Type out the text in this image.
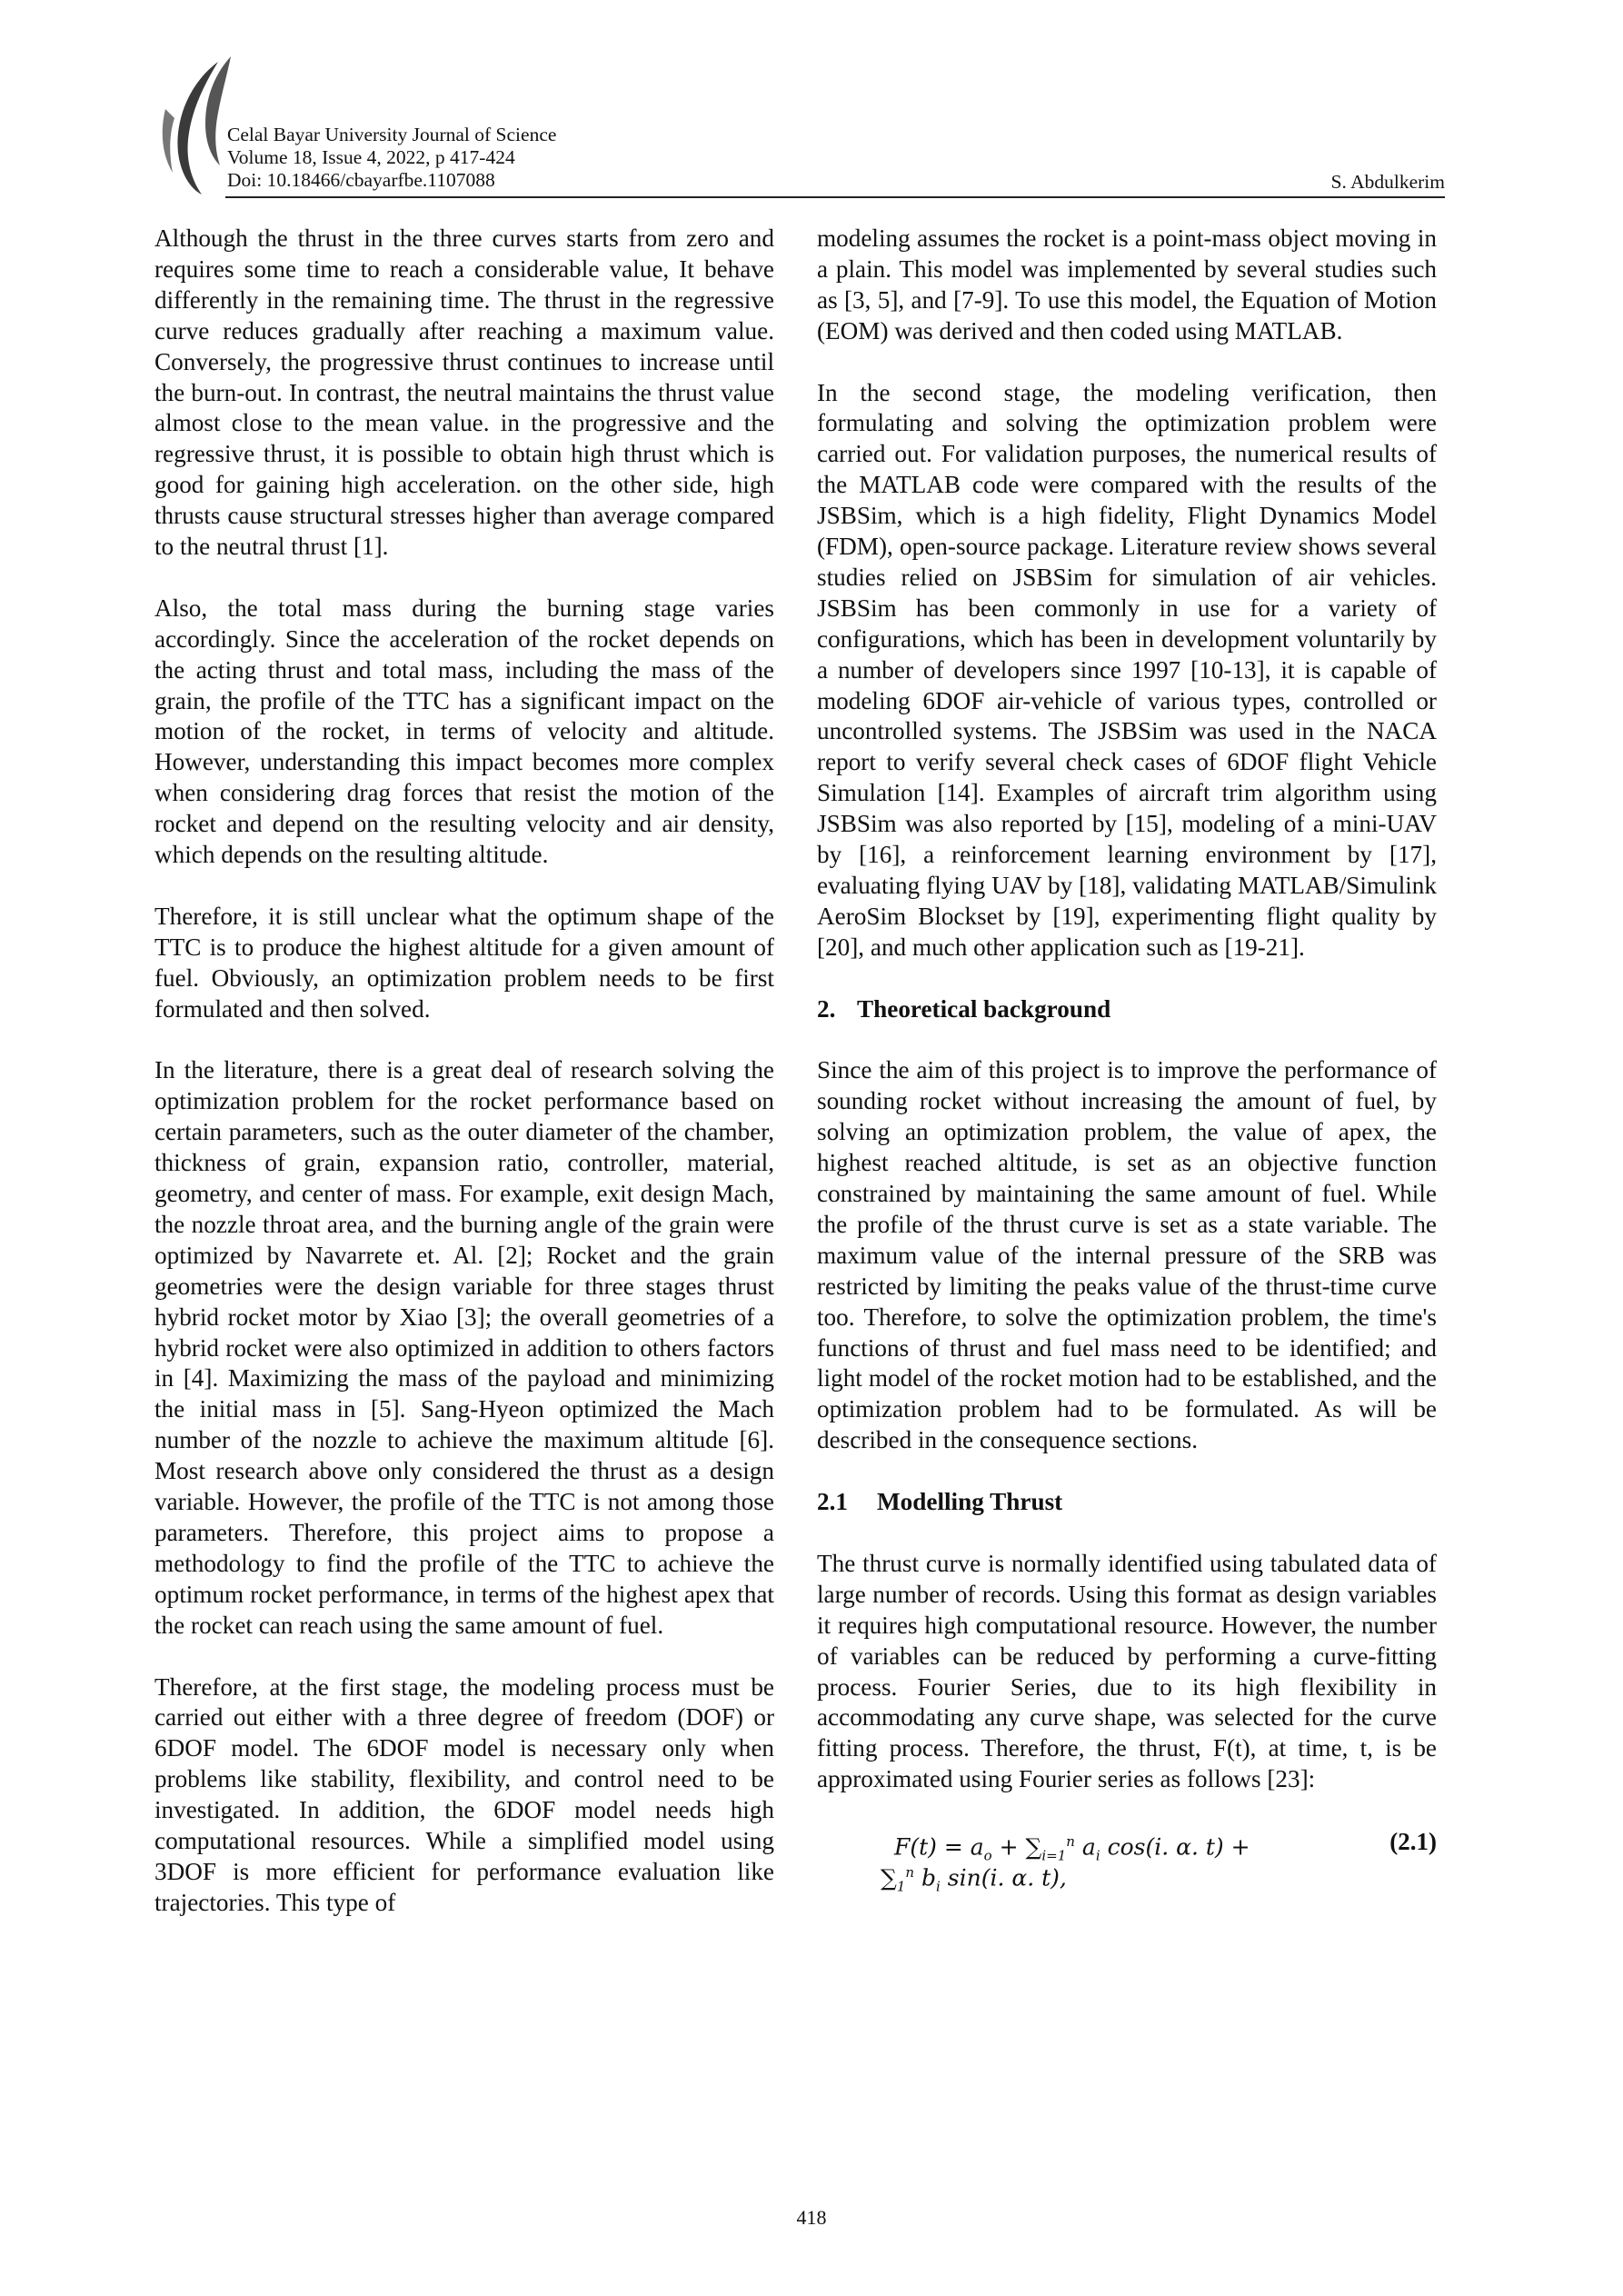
Celal Bayar University Journal of Science
Volume 18, Issue 4, 2022, p 417-424
Doi: 10.18466/cbayarfbe.1107088	S. Abdulkerim

Although the thrust in the three curves starts from zero and requires some time to reach a considerable value, It behave differently in the remaining time. The thrust in the regressive curve reduces gradually after reaching a maximum value. Conversely, the progressive thrust continues to increase until the burn-out. In contrast, the neutral maintains the thrust value almost close to the mean value. in the progressive and the regressive thrust, it is possible to obtain high thrust which is good for gaining high acceleration. on the other side, high thrusts cause structural stresses higher than average compared to the neutral thrust [1].

Also, the total mass during the burning stage varies accordingly. Since the acceleration of the rocket depends on the acting thrust and total mass, including the mass of the grain, the profile of the TTC has a significant impact on the motion of the rocket, in terms of velocity and altitude. However, understanding this impact becomes more complex when considering drag forces that resist the motion of the rocket and depend on the resulting velocity and air density, which depends on the resulting altitude.

Therefore, it is still unclear what the optimum shape of the TTC is to produce the highest altitude for a given amount of fuel. Obviously, an optimization problem needs to be first formulated and then solved.

In the literature, there is a great deal of research solving the optimization problem for the rocket performance based on certain parameters, such as the outer diameter of the chamber, thickness of grain, expansion ratio, controller, material, geometry, and center of mass. For example, exit design Mach, the nozzle throat area, and the burning angle of the grain were optimized by Navarrete et. Al. [2]; Rocket and the grain geometries were the design variable for three stages thrust hybrid rocket motor by Xiao [3]; the overall geometries of a hybrid rocket were also optimized in addition to others factors in [4]. Maximizing the mass of the payload and minimizing the initial mass in [5]. Sang-Hyeon optimized the Mach number of the nozzle to achieve the maximum altitude [6]. Most research above only considered the thrust as a design variable. However, the profile of the TTC is not among those parameters. Therefore, this project aims to propose a methodology to find the profile of the TTC to achieve the optimum rocket performance, in terms of the highest apex that the rocket can reach using the same amount of fuel.

Therefore, at the first stage, the modeling process must be carried out either with a three degree of freedom (DOF) or 6DOF model. The 6DOF model is necessary only when problems like stability, flexibility, and control need to be investigated. In addition, the 6DOF model needs high computational resources. While a simplified model using 3DOF is more efficient for performance evaluation like trajectories. This type of

modeling assumes the rocket is a point-mass object moving in a plain. This model was implemented by several studies such as [3, 5], and [7-9]. To use this model, the Equation of Motion (EOM) was derived and then coded using MATLAB.

In the second stage, the modeling verification, then formulating and solving the optimization problem were carried out. For validation purposes, the numerical results of the MATLAB code were compared with the results of the JSBSim, which is a high fidelity, Flight Dynamics Model (FDM), open-source package. Literature review shows several studies relied on JSBSim for simulation of air vehicles. JSBSim has been commonly in use for a variety of configurations, which has been in development voluntarily by a number of developers since 1997 [10-13], it is capable of modeling 6DOF air-vehicle of various types, controlled or uncontrolled systems. The JSBSim was used in the NACA report to verify several check cases of 6DOF flight Vehicle Simulation [14]. Examples of aircraft trim algorithm using JSBSim was also reported by [15], modeling of a mini-UAV by [16], a reinforcement learning environment by [17], evaluating flying UAV by [18], validating MATLAB/Simulink AeroSim Blockset by [19], experimenting flight quality by [20], and much other application such as [19-21].

2. Theoretical background

Since the aim of this project is to improve the performance of sounding rocket without increasing the amount of fuel, by solving an optimization problem, the value of apex, the highest reached altitude, is set as an objective function constrained by maintaining the same amount of fuel. While the profile of the thrust curve is set as a state variable. The maximum value of the internal pressure of the SRB was restricted by limiting the peaks value of the thrust-time curve too. Therefore, to solve the optimization problem, the time's functions of thrust and fuel mass need to be identified; and light model of the rocket motion had to be established, and the optimization problem had to be formulated. As will be described in the consequence sections.

2.1 Modelling Thrust

The thrust curve is normally identified using tabulated data of large number of records. Using this format as design variables it requires high computational resource. However, the number of variables can be reduced by performing a curve-fitting process. Fourier Series, due to its high flexibility in accommodating any curve shape, was selected for the curve fitting process. Therefore, the thrust, F(t), at time, t, is be approximated using Fourier series as follows [23]:

$F(t) = a_o + \sum_{i=1}^n$ $a_i$ cos(i. α. t) +
$\sum_1^n$ $b_i$ sin(i. α. t),
(2.1)
418
